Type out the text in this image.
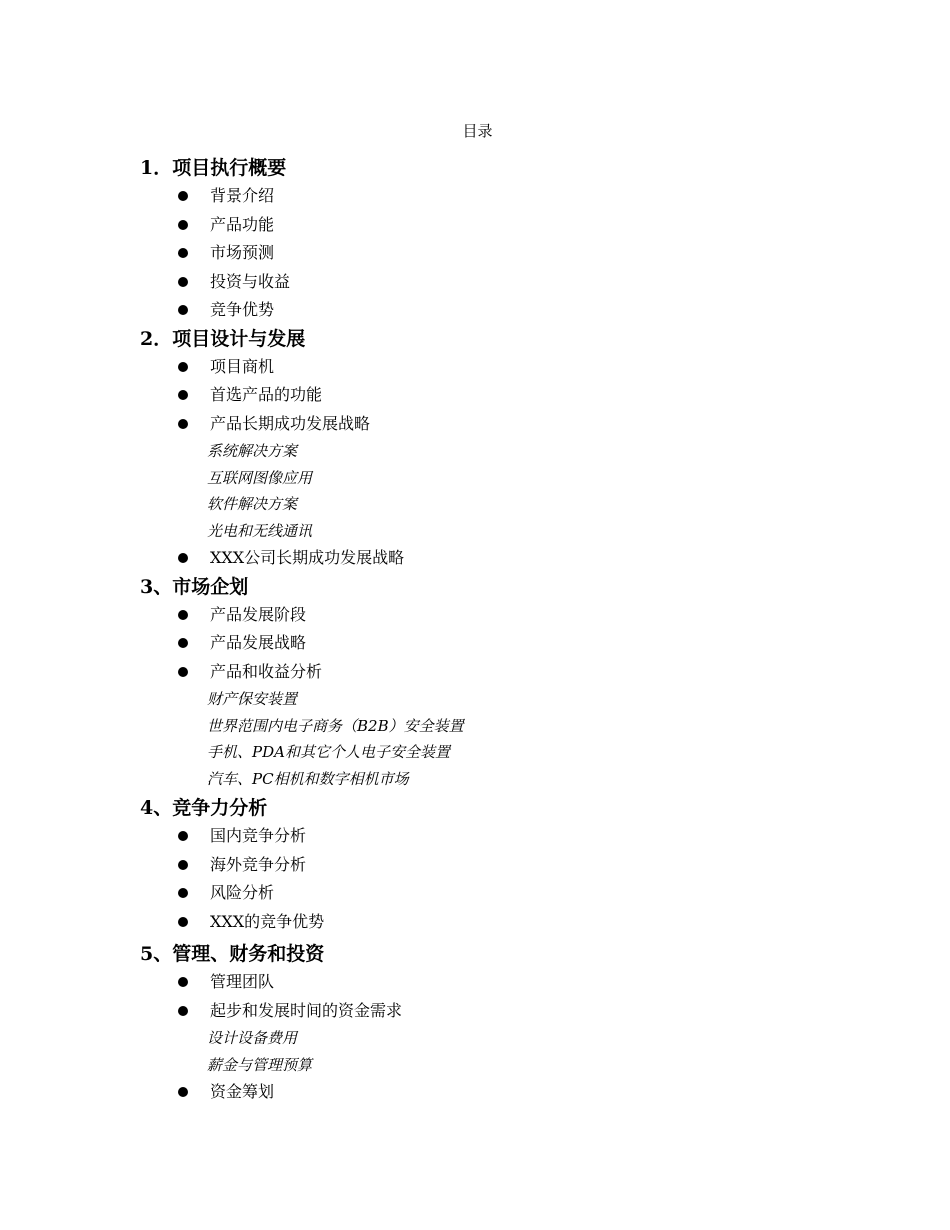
目录
1．项目执行概要
背景介绍
产品功能
市场预测
投资与收益
竞争优势
2．项目设计与发展
项目商机
首选产品的功能
产品长期成功发展战略
系统解决方案
互联网图像应用
软件解决方案
光电和无线通讯
XXX公司长期成功发展战略
3、市场企划
产品发展阶段
产品发展战略
产品和收益分析
财产保安装置
世界范围内电子商务（B2B）安全装置
手机、PDA和其它个人电子安全装置
汽车、PC相机和数字相机市场
4、竞争力分析
国内竞争分析
海外竞争分析
风险分析
XXX的竞争优势
5、管理、财务和投资
管理团队
起步和发展时间的资金需求
设计设备费用
薪金与管理预算
资金筹划
